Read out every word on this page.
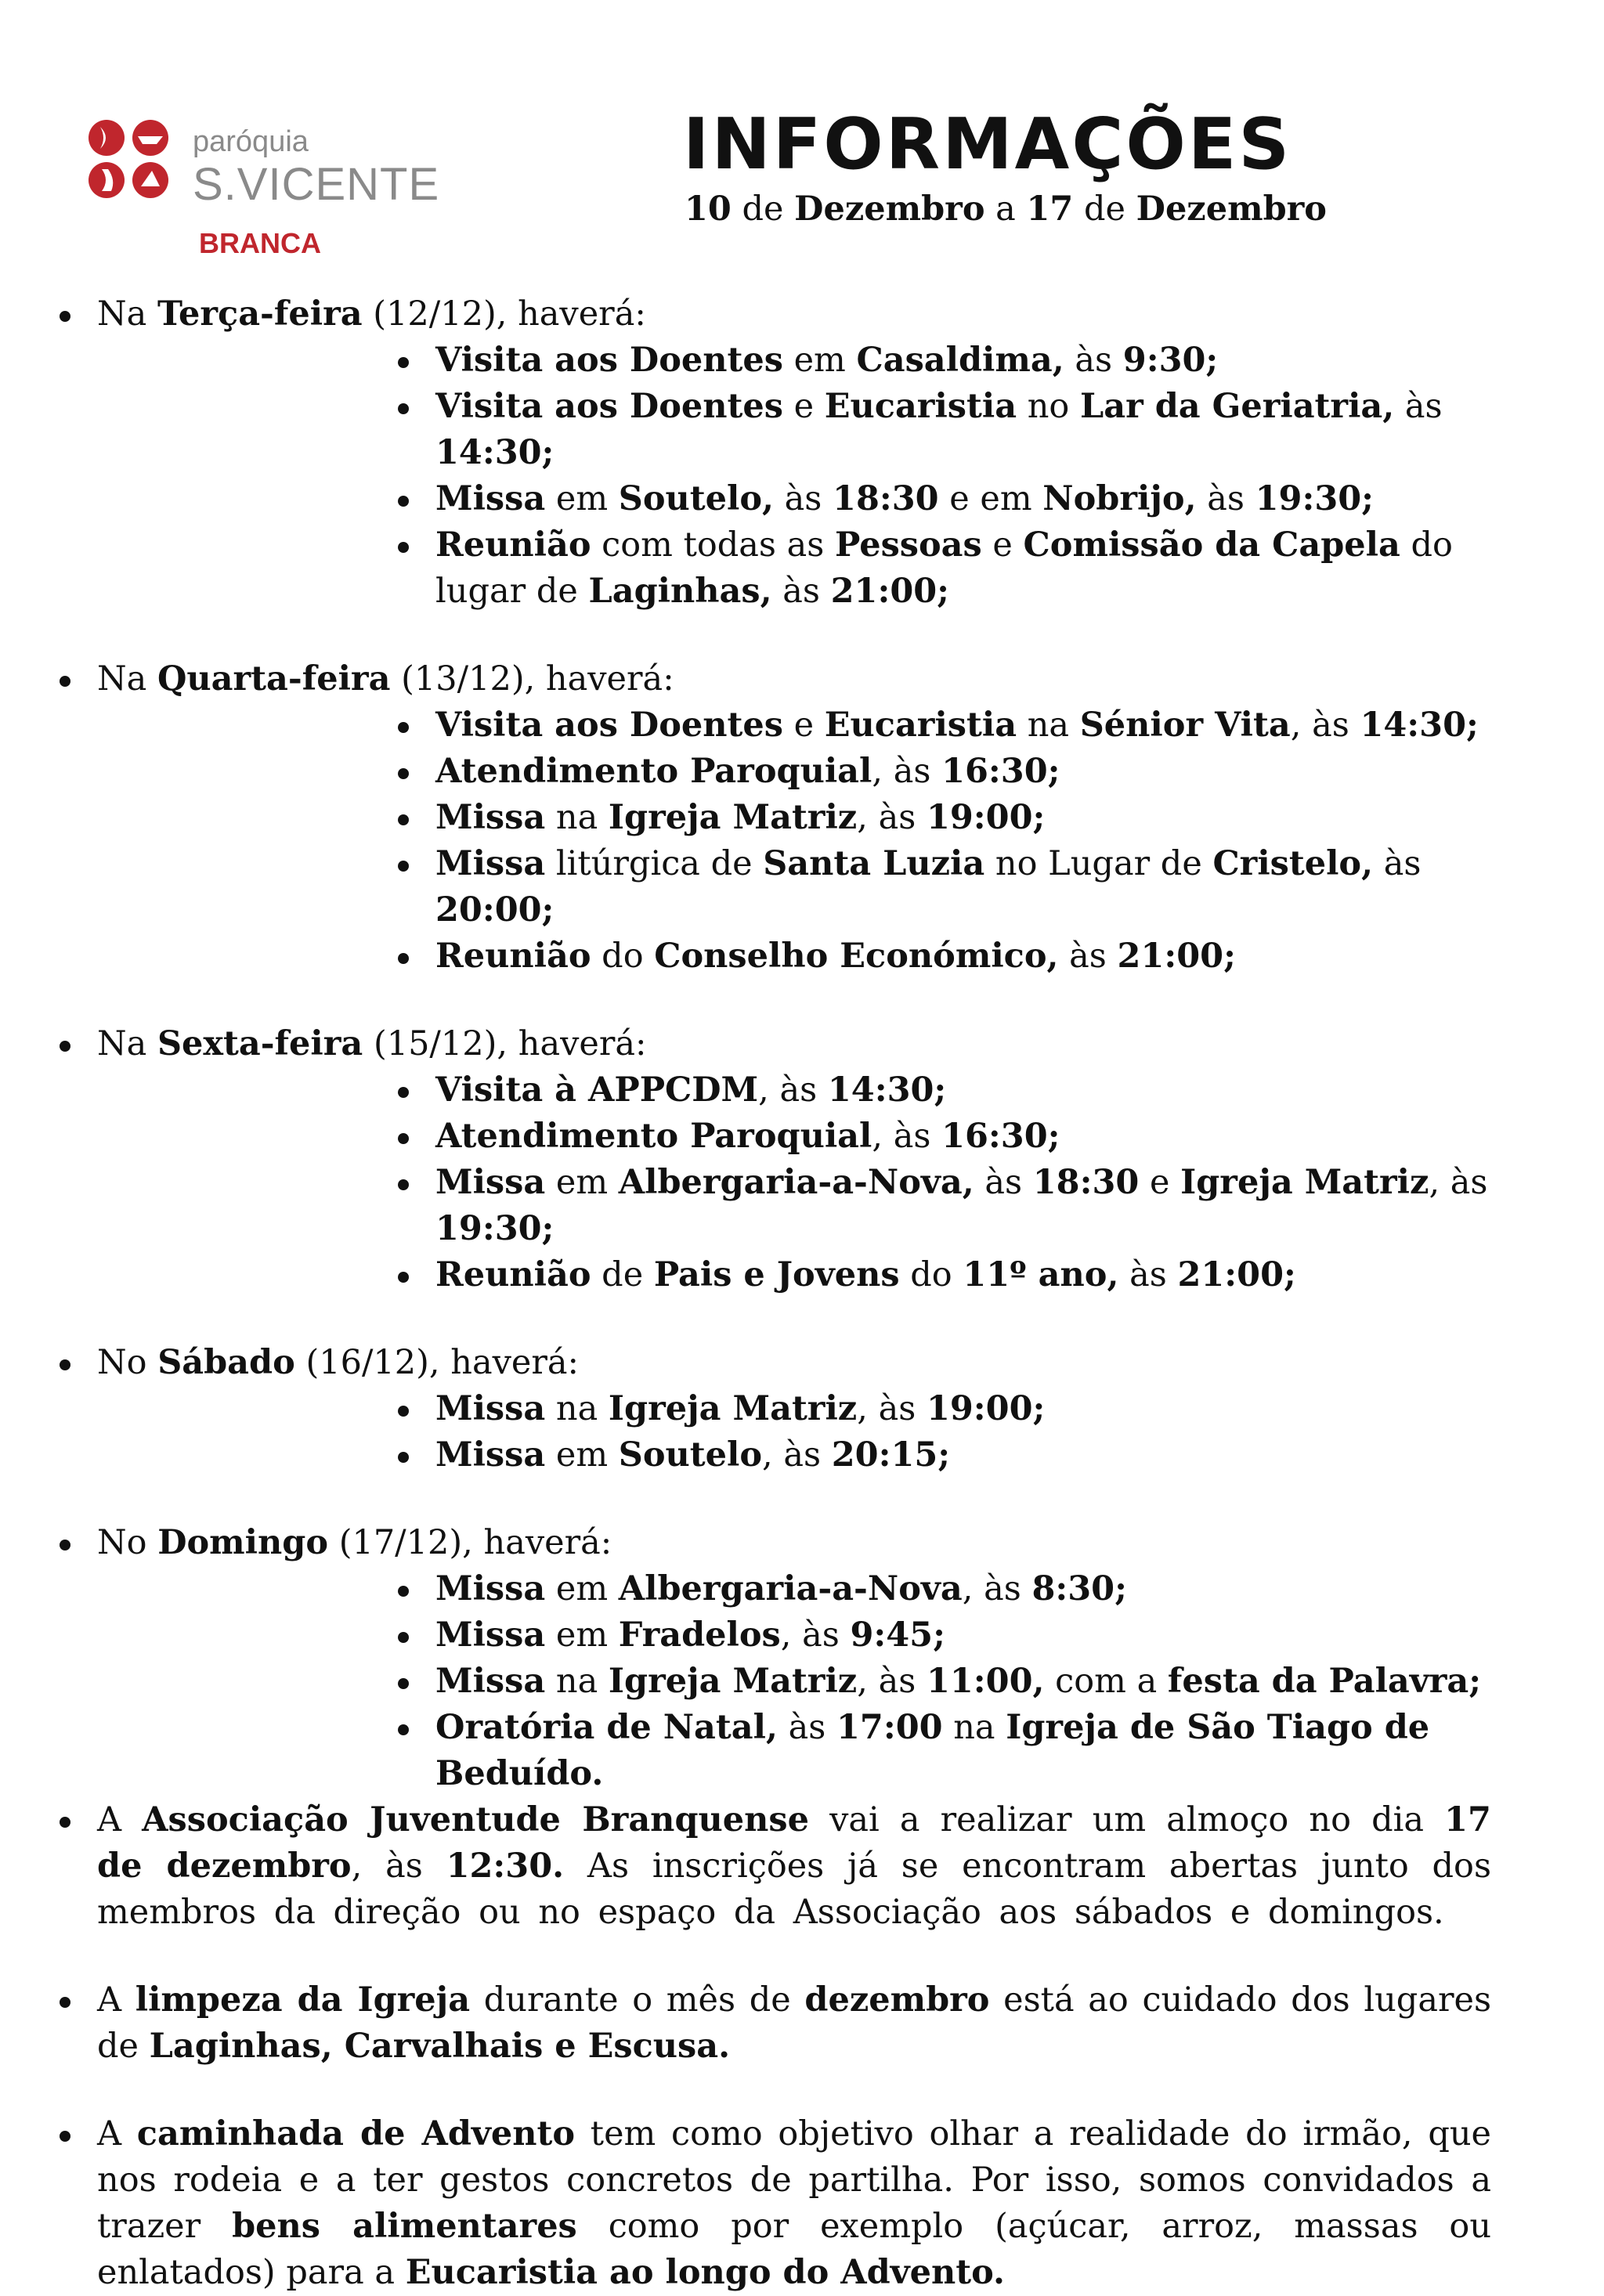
paróquia
S.VICENTE
BRANCA
INFORMAÇÕES
10 de Dezembro a 17 de Dezembro
Na Terça-feira (12/12), haverá:
Visita aos Doentes em Casaldima, às 9:30;
Visita aos Doentes e Eucaristia no Lar da Geriatria, às 14:30;
Missa em Soutelo, às 18:30 e em Nobrijo, às 19:30;
Reunião com todas as Pessoas e Comissão da Capela do lugar de Laginhas, às 21:00;
Na Quarta-feira (13/12), haverá:
Visita aos Doentes e Eucaristia na Sénior Vita, às 14:30;
Atendimento Paroquial, às 16:30;
Missa na Igreja Matriz, às 19:00;
Missa litúrgica de Santa Luzia no Lugar de Cristelo, às 20:00;
Reunião do Conselho Económico, às 21:00;
Na Sexta-feira (15/12), haverá:
Visita à APPCDM, às 14:30;
Atendimento Paroquial, às 16:30;
Missa em Albergaria-a-Nova, às 18:30 e Igreja Matriz, às 19:30;
Reunião de Pais e Jovens do 11º ano, às 21:00;
No Sábado (16/12), haverá:
Missa na Igreja Matriz, às 19:00;
Missa em Soutelo, às 20:15;
No Domingo (17/12), haverá:
Missa em Albergaria-a-Nova, às 8:30;
Missa em Fradelos, às 9:45;
Missa na Igreja Matriz, às 11:00, com a festa da Palavra;
Oratória de Natal, às 17:00 na Igreja de São Tiago de Beduído.
A Associação Juventude Branquense vai a realizar um almoço no dia 17 de dezembro, às 12:30. As inscrições já se encontram abertas junto dos membros da direção ou no espaço da Associação aos sábados e domingos.
A limpeza da Igreja durante o mês de dezembro está ao cuidado dos lugares de Laginhas, Carvalhais e Escusa.
A caminhada de Advento tem como objetivo olhar a realidade do irmão, que nos rodeia e a ter gestos concretos de partilha. Por isso, somos convidados a trazer bens alimentares como por exemplo (açúcar, arroz, massas ou enlatados) para a Eucaristia ao longo do Advento.
